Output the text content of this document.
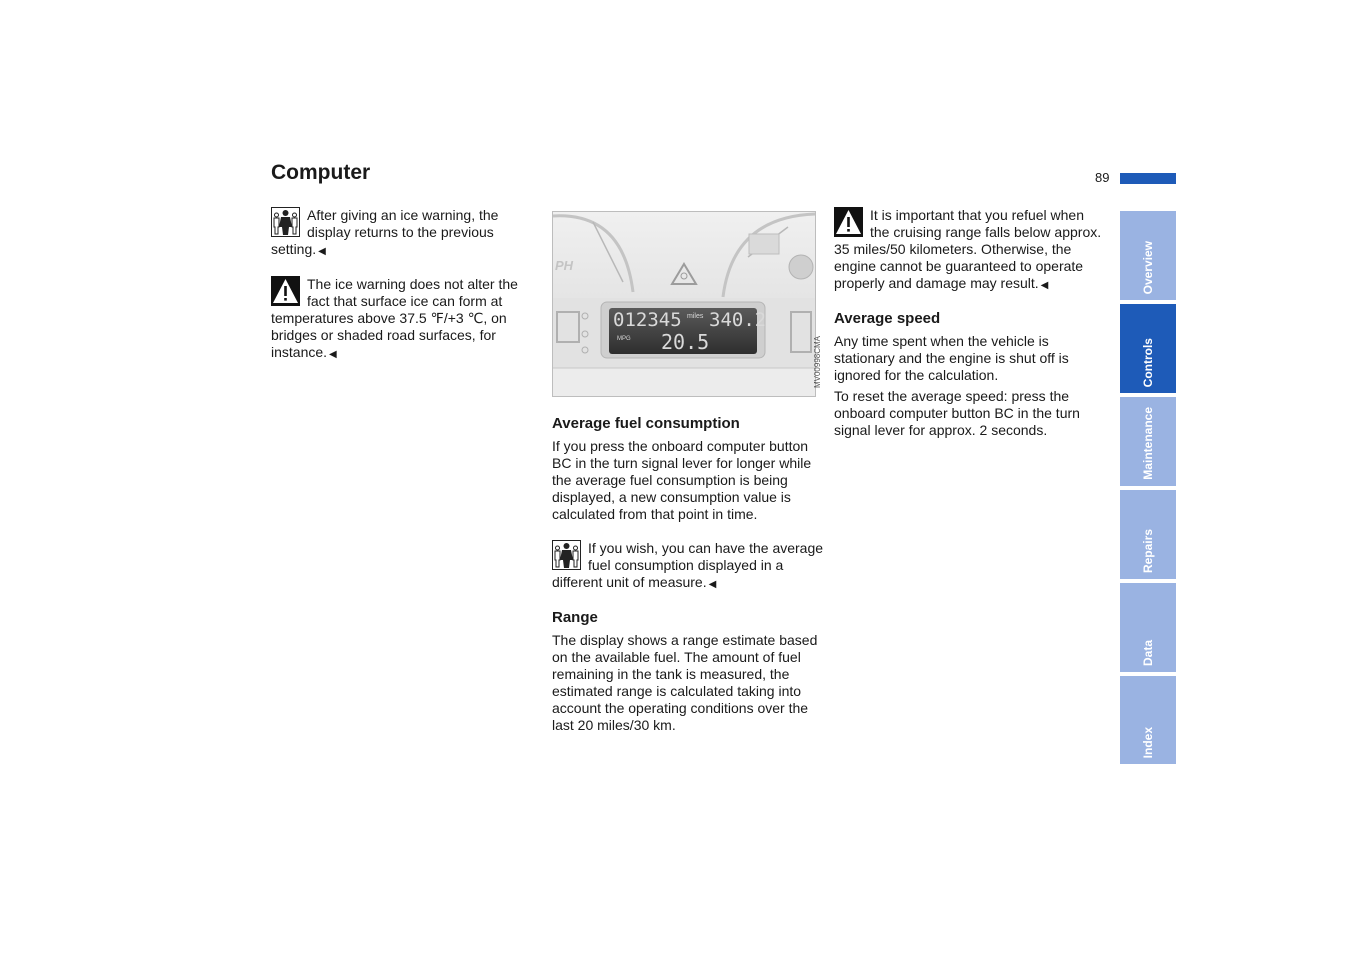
Computer	89

After giving an ice warning, the display returns to the previous setting. ◀

The ice warning does not alter the fact that surface ice can form at temperatures above 37.5 ℉/+3 ℃, on bridges or shaded road surfaces, for instance. ◀

012345 miles 340.2
MPG 20.5
PH
MV00998CMA
Average fuel consumption

If you press the onboard computer button BC in the turn signal lever for longer while the average fuel consumption is being displayed, a new consumption value is calculated from that point in time.

If you wish, you can have the average fuel consumption displayed in a different unit of measure. ◀

Range

The display shows a range estimate based on the available fuel. The amount of fuel remaining in the tank is measured, the estimated range is calculated taking into account the operating conditions over the last 20 miles/30 km.

It is important that you refuel when the cruising range falls below approx. 35 miles/50 kilometers. Otherwise, the engine cannot be guaranteed to operate properly and damage may result. ◀

Average speed

Any time spent when the vehicle is stationary and the engine is shut off is ignored for the calculation.

To reset the average speed: press the onboard computer button BC in the turn signal lever for approx. 2 seconds.

Overview
Controls
Maintenance
Repairs
Data
Index
